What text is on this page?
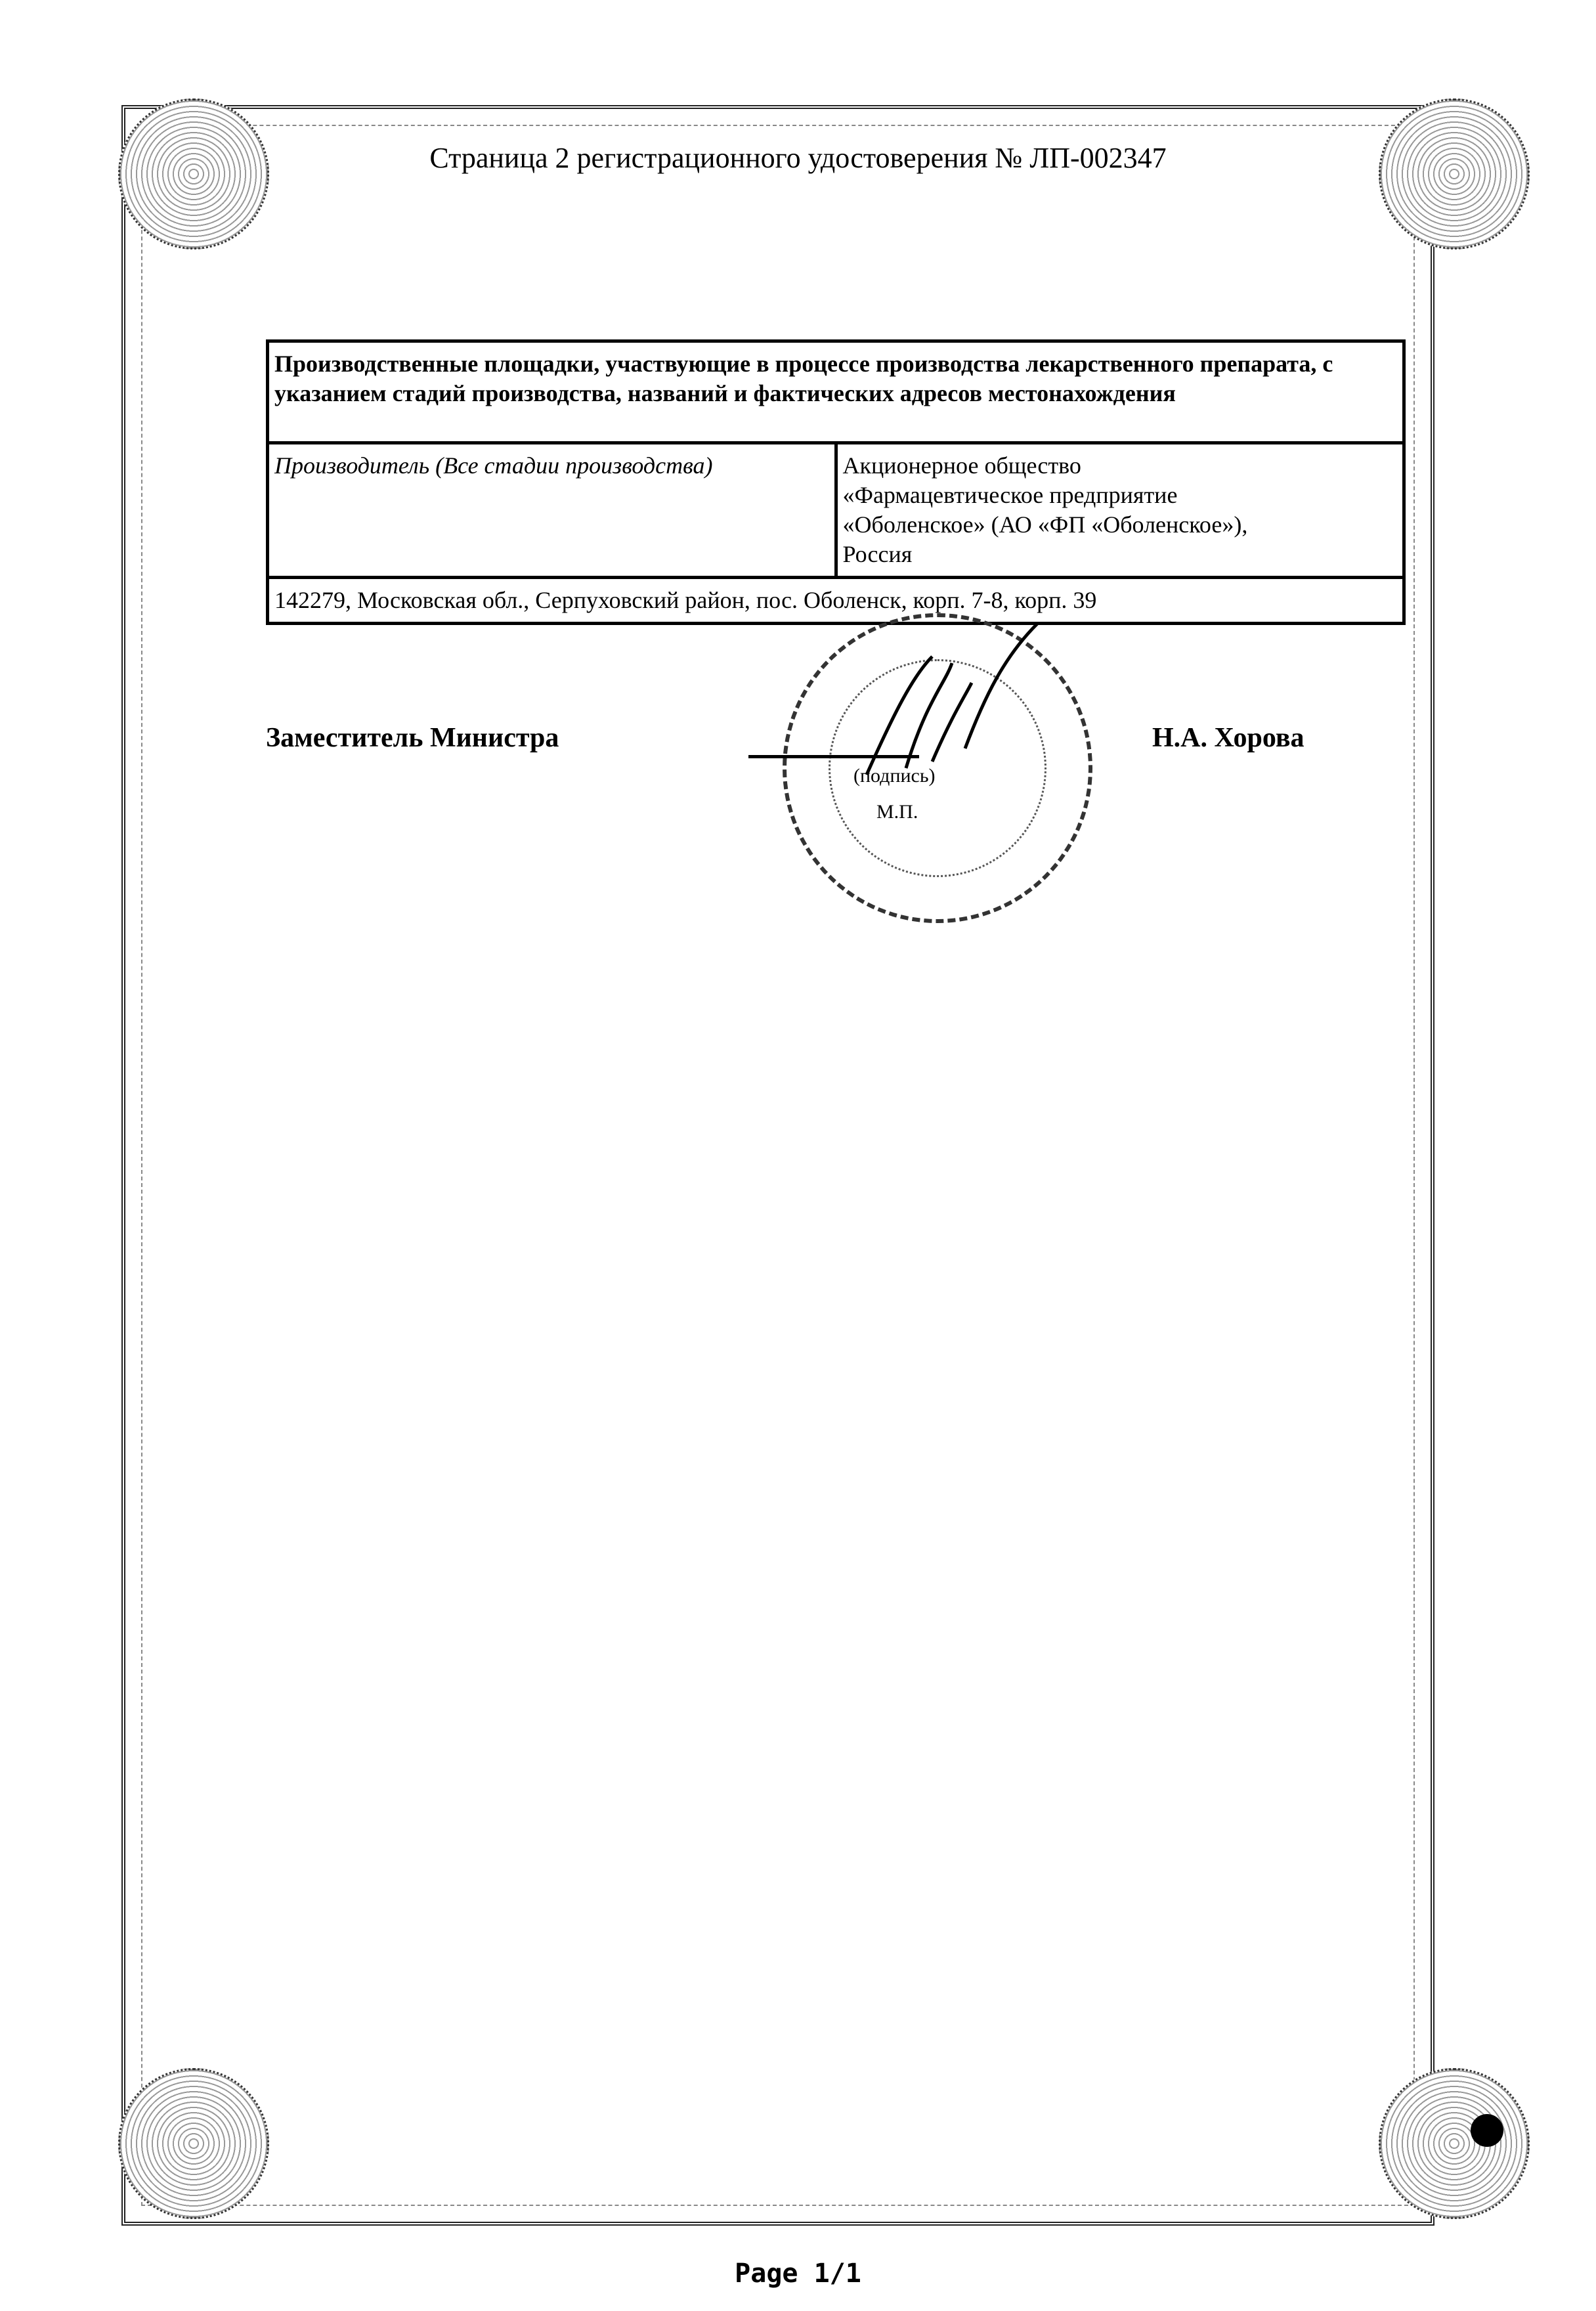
Страница 2 регистрационного удостоверения № ЛП-002347
Производственные площадки, участвующие в процессе производства лекарственного препарата, с указанием стадий производства, названий и фактических адресов местонахождения
Производитель (Все стадии производства)	Акционерное общество
«Фармацевтическое предприятие
«Оболенское» (АО «ФП «Оболенское»),
Россия

142279, Московская обл., Серпуховский район, пос. Оболенск, корп. 7-8, корп. 39
Заместитель Министра
(подпись)
М.П.
Н.А. Хорова
Page 1/1
